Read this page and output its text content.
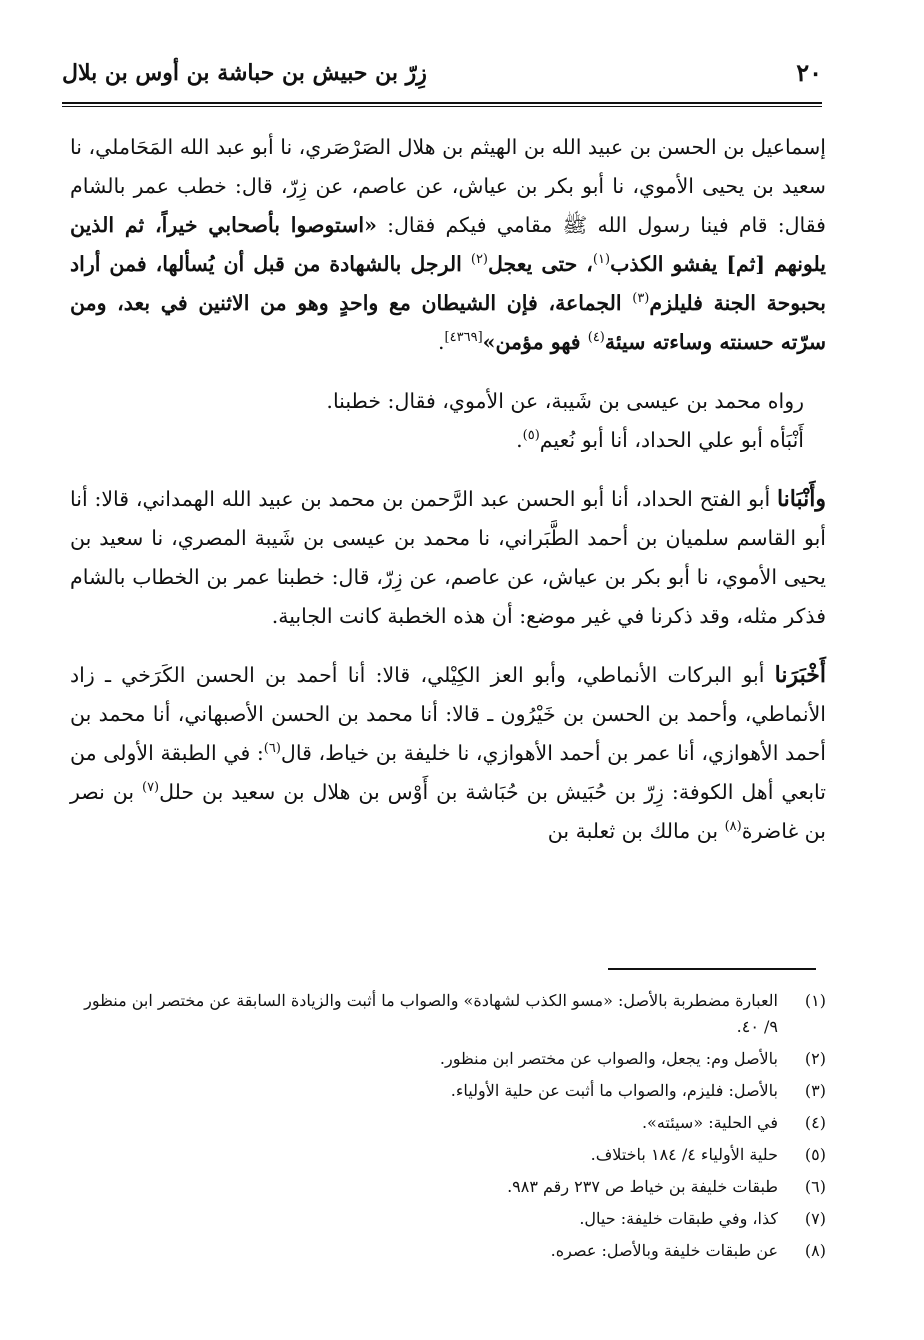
٢٠
زِرّ بن حبيش بن حباشة بن أوس بن بلال

إسماعيل بن الحسن بن عبيد الله بن الهيثم بن هلال الصَرْصَري، نا أبو عبد الله المَحَاملي، نا سعيد بن يحيى الأموي، نا أبو بكر بن عياش، عن عاصم، عن زِرّ، قال: خطب عمر بالشام فقال: قام فينا رسول الله ﷺ مقامي فيكم فقال: «استوصوا بأصحابي خيراً، ثم الذين يلونهم [ثم] يفشو الكذب$^{(١)}$، حتى يعجل$^{(٢)}$ الرجل بالشهادة من قبل أن يُسألها، فمن أراد بحبوحة الجنة فليلزم$^{(٣)}$ الجماعة، فإن الشيطان مع واحدٍ وهو من الاثنين في بعد، ومن سرّته حسنته وساءته سيئة$^{(٤)}$ فهو مؤمن»[٤٣٦٩].

رواه محمد بن عيسى بن شَيبة، عن الأموي، فقال: خطبنا.

أَنْبَأه أبو علي الحداد، أنا أبو نُعيم$^{(٥)}$.

وأَنْبَانا أبو الفتح الحداد، أنا أبو الحسن عبد الرَّحمن بن محمد بن عبيد الله الهمداني، قالا: أنا أبو القاسم سلميان بن أحمد الطَّبَراني، نا محمد بن عيسى بن شَيبة المصري، نا سعيد بن يحيى الأموي، نا أبو بكر بن عياش، عن عاصم، عن زِرّ، قال: خطبنا عمر بن الخطاب بالشام فذكر مثله، وقد ذكرنا في غير موضع: أن هذه الخطبة كانت الجابية.

أَخْبَرَنا أبو البركات الأنماطي، وأبو العز الكِيْلي، قالا: أنا أحمد بن الحسن الكَرَخي ـ زاد الأنماطي، وأحمد بن الحسن بن خَيْرُون ـ قالا: أنا محمد بن الحسن الأصبهاني، أنا محمد بن أحمد الأهوازي، أنا عمر بن أحمد الأهوازي، نا خليفة بن خياط، قال$^{(٦)}$: في الطبقة الأولى من تابعي أهل الكوفة: زِرّ بن حُبَيش بن حُبَاشة بن أَوْس بن هلال بن سعيد بن حلل$^{(٧)}$ بن نصر بن غاضرة$^{(٨)}$ بن مالك بن ثعلبة بن

(١)
العبارة مضطربة بالأصل: «مسو الكذب لشهادة» والصواب ما أثبت والزيادة السابقة عن مختصر ابن منظور ٩/ ٤٠.
(٢)
بالأصل وم: يجعل، والصواب عن مختصر ابن منظور.
(٣)
بالأصل: فليزم، والصواب ما أثبت عن حلية الأولياء.
(٤)
في الحلية: «سيئته».
(٥)
حلية الأولياء ٤/ ١٨٤ باختلاف.
(٦)
طبقات خليفة بن خياط ص ٢٣٧ رقم ٩٨٣.
(٧)
كذا، وفي طبقات خليفة: حيال.
(٨)
عن طبقات خليفة وبالأصل: عصره.
